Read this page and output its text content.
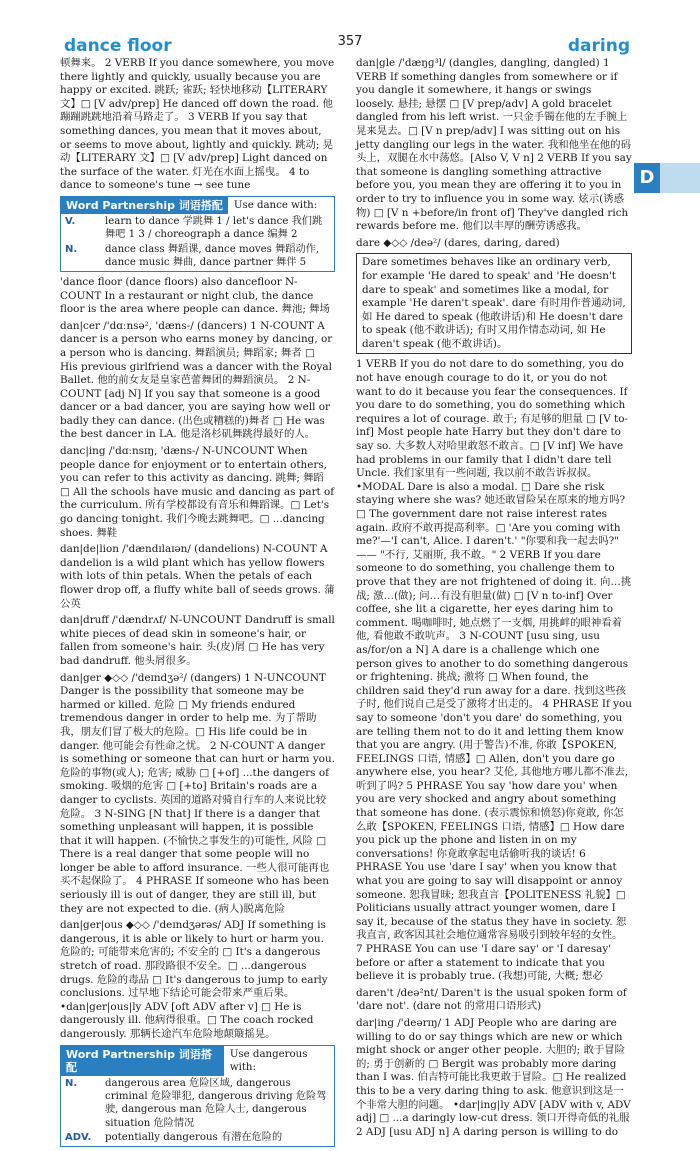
dance floor	357	daring
D

顿舞来。 2 VERB If you dance somewhere, you move there lightly and quickly, usually because you are happy or excited. 跳跃; 雀跃; 轻快地移动【LITERARY 文】□ [V adv/prep] He danced off down the road. 他蹦蹦跳跳地沿着马路走了。 3 VERB If you say that something dances, you mean that it moves about, or seems to move about, lightly and quickly. 跳动; 晃动【LITERARY 文】□ [V adv/prep] Light danced on the surface of the water. 灯光在水面上摇曳。 4 to dance to someone's tune → see tune

Word Partnership 词语搭配	Use dance with:
V.	learn to dance 学跳舞 1 / let's dance 我们跳舞吧 1 3 / choreograph a dance 编舞 2
N.	dance class 舞蹈课, dance moves 舞蹈动作, dance music 舞曲, dance partner 舞伴 5

'dance floor (dance floors) also dancefloor N-COUNT In a restaurant or night club, the dance floor is the area where people can dance. 舞池; 舞场

dan|cer /'dɑːnsə², 'dæns-/ (dancers) 1 N-COUNT A dancer is a person who earns money by dancing, or a person who is dancing. 舞蹈演员; 舞蹈家; 舞者 □ His previous girlfriend was a dancer with the Royal Ballet. 他的前女友是皇家芭蕾舞团的舞蹈演员。 2 N-COUNT [adj N] If you say that someone is a good dancer or a bad dancer, you are saying how well or badly they can dance. (出色或糟糕的)舞者 □ He was the best dancer in LA. 他是洛杉矶舞跳得最好的人。

danc|ing /'dɑːnsɪŋ, 'dæns-/ N-UNCOUNT When people dance for enjoyment or to entertain others, you can refer to this activity as dancing. 跳舞; 舞蹈 □ All the schools have music and dancing as part of the curriculum. 所有学校都设有音乐和舞蹈课。□ Let's go dancing tonight. 我们今晚去跳舞吧。□ ...dancing shoes. 舞鞋

dan|de|lion /'dændɪlaɪən/ (dandelions) N-COUNT A dandelion is a wild plant which has yellow flowers with lots of thin petals. When the petals of each flower drop off, a fluffy white ball of seeds grows. 蒲公英

dan|druff /'dændrʌf/ N-UNCOUNT Dandruff is small white pieces of dead skin in someone's hair, or fallen from someone's hair. 头(皮)屑 □ He has very bad dandruff. 他头屑很多。

dan|ger ◆◇◇ /'deɪndʒə²/ (dangers) 1 N-UNCOUNT Danger is the possibility that someone may be harmed or killed. 危险 □ My friends endured tremendous danger in order to help me. 为了帮助我，朋友们冒了极大的危险。□ His life could be in danger. 他可能会有性命之忧。 2 N-COUNT A danger is something or someone that can hurt or harm you. 危险的事物(或人); 危害; 威胁 □ [+of] ...the dangers of smoking. 吸烟的危害 □ [+to] Britain's roads are a danger to cyclists. 英国的道路对骑自行车的人来说比较危险。 3 N-SING [N that] If there is a danger that something unpleasant will happen, it is possible that it will happen. (不愉快之事发生的)可能性, 风险 □ There is a real danger that some people will no longer be able to afford insurance. 一些人很可能再也买不起保险了。 4 PHRASE If someone who has been seriously ill is out of danger, they are still ill, but they are not expected to die. (病人)脱离危险

dan|ger|ous ◆◇◇ /'deɪndʒərəs/ ADJ If something is dangerous, it is able or likely to hurt or harm you. 危险的; 可能带来危害的; 不安全的 □ It's a dangerous stretch of road. 那段路很不安全。□ ...dangerous drugs. 危险的毒品 □ It's dangerous to jump to early conclusions. 过早地下结论可能会带来严重后果。 •dan|ger|ous|ly ADV [oft ADV after v] □ He is dangerously ill. 他病得很重。□ The coach rocked dangerously. 那辆长途汽车危险地颠簸摇晃。

Word Partnership 词语搭配
Use dangerous with:
N.	dangerous area 危险区域, dangerous criminal 危险罪犯, dangerous driving 危险驾驶, dangerous man 危险人士, dangerous situation 危险情况
ADV.	potentially dangerous 有潜在危险的

dan|gle /'dæŋɡ³l/ (dangles, dangling, dangled) 1 VERB If something dangles from somewhere or if you dangle it somewhere, it hangs or swings loosely. 悬挂; 悬摆 □ [V prep/adv] A gold bracelet dangled from his left wrist. 一只金手镯在他的左手腕上晃来晃去。□ [V n prep/adv] I was sitting out on his jetty dangling our legs in the water. 我和他坐在他的码头上，双腿在水中荡悠。[Also V, V n] 2 VERB If you say that someone is dangling something attractive before you, you mean they are offering it to you in order to try to influence you in some way. 炫示(诱惑物) □ [V n +before/in front of] They've dangled rich rewards before me. 他们以丰厚的酬劳诱惑我。

dare ◆◇◇ /deə²/ (dares, daring, dared)

Dare sometimes behaves like an ordinary verb, for example 'He dared to speak' and 'He doesn't dare to speak' and sometimes like a modal, for example 'He daren't speak'. dare 有时用作普通动词, 如 He dared to speak (他敢讲话)和 He doesn't dare to speak (他不敢讲话); 有时又用作情态动词, 如 He daren't speak (他不敢讲话)。

1 VERB If you do not dare to do something, you do not have enough courage to do it, or you do not want to do it because you fear the consequences. If you dare to do something, you do something which requires a lot of courage. 敢于; 有足够的胆量 □ [V to-inf] Most people hate Harry but they don't dare to say so. 大多数人对哈里敢怒不敢言。□ [V inf] We have had problems in our family that I didn't dare tell Uncle. 我们家里有一些问题, 我以前不敢告诉叔叔。•MODAL Dare is also a modal. □ Dare she risk staying where she was? 她还敢冒险呆在原来的地方吗? □ The government dare not raise interest rates again. 政府不敢再提高利率。□ 'Are you coming with me?'—'I can't, Alice. I daren't.' "你要和我一起去吗?" —— "不行, 艾丽斯, 我不敢。" 2 VERB If you dare someone to do something, you challenge them to prove that they are not frightened of doing it. 向…挑战; 激…(做); 问…有没有胆量(做) □ [V n to-inf] Over coffee, she lit a cigarette, her eyes daring him to comment. 喝咖啡时, 她点燃了一支烟, 用挑衅的眼神看着他, 看他敢不敢吭声。 3 N-COUNT [usu sing, usu as/for/on a N] A dare is a challenge which one person gives to another to do something dangerous or frightening. 挑战; 激将 □ When found, the children said they'd run away for a dare. 找到这些孩子时, 他们说自己是受了激将才出走的。 4 PHRASE If you say to someone 'don't you dare' do something, you are telling them not to do it and letting them know that you are angry. (用于警告)不准, 你敢【SPOKEN, FEELINGS 口语, 情感】□ Allen, don't you dare go anywhere else, you hear? 艾伦, 其他地方哪儿都不准去, 听到了吗? 5 PHRASE You say 'how dare you' when you are very shocked and angry about something that someone has done. (表示震惊和愤怒)你竟敢, 你怎么敢【SPOKEN, FEELINGS 口语, 情感】□ How dare you pick up the phone and listen in on my conversations! 你竟敢拿起电话偷听我的谈话! 6 PHRASE You use 'dare I say' when you know that what you are going to say will disappoint or annoy someone. 恕我冒昧; 恕我直言【POLITENESS 礼貌】□ Politicians usually attract younger women, dare I say it, because of the status they have in society. 恕我直言, 政客因其社会地位通常容易吸引到较年轻的女性。 7 PHRASE You can use 'I dare say' or 'I daresay' before or after a statement to indicate that you believe it is probably true. (我想)可能, 大概; 想必

daren't /deə²nt/ Daren't is the usual spoken form of 'dare not'. (dare not 的常用口语形式)

dar|ing /'deərɪŋ/ 1 ADJ People who are daring are willing to do or say things which are new or which might shock or anger other people. 大胆的; 敢于冒险的; 勇于创新的 □ Bergit was probably more daring than I was. 伯吉特可能比我更敢于冒险。□ He realized this to be a very daring thing to ask. 他意识到这是一个非常大胆的问题。 •dar|ing|ly ADV [ADV with v, ADV adj] □ ...a daringly low-cut dress. 领口开得奇低的礼服 2 ADJ [usu ADJ n] A daring person is willing to do
